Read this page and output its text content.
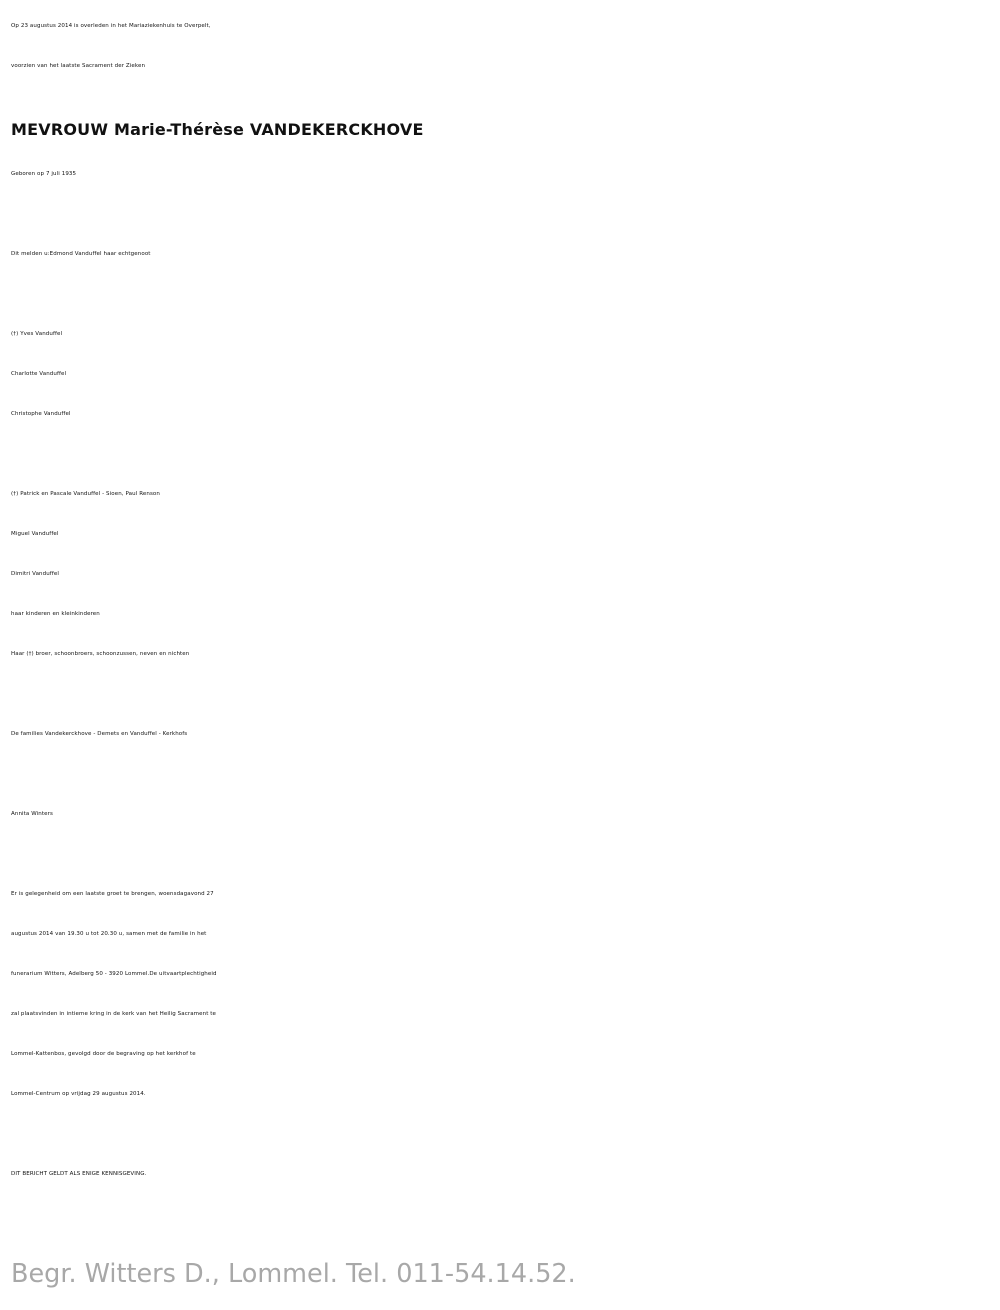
Op 23 augustus 2014 is overleden in het Mariaziekenhuis te Overpelt,
voorzien van het laatste Sacrament der Zieken
MEVROUW Marie-Thérèse VANDEKERCKHOVE
Geboren op 7 juli 1935
Dit melden u:Edmond Vanduffel haar echtgenoot
(†) Yves Vanduffel
Charlotte Vanduffel
Christophe Vanduffel
(†) Patrick en Pascale Vanduffel - Sioen, Paul Renson
Miguel Vanduffel
Dimitri Vanduffel
haar kinderen en kleinkinderen
Haar (†) broer, schoonbroers, schoonzussen, neven en nichten
De families Vandekerckhove - Demets en Vanduffel - Kerkhofs
Annita Winters
Er is gelegenheid om een laatste groet te brengen, woensdagavond 27
augustus 2014 van 19.30 u tot 20.30 u, samen met de familie in het
funerarium Witters, Adelberg 50 - 3920 Lommel.De uitvaartplechtigheid
zal plaatsvinden in intieme kring in de kerk van het Heilig Sacrament te
Lommel-Kattenbos, gevolgd door de begraving op het kerkhof te
Lommel-Centrum op vrijdag 29 augustus 2014.
DIT BERICHT GELDT ALS ENIGE KENNISGEVING.
Begr. Witters D., Lommel. Tel. 011-54.14.52.
